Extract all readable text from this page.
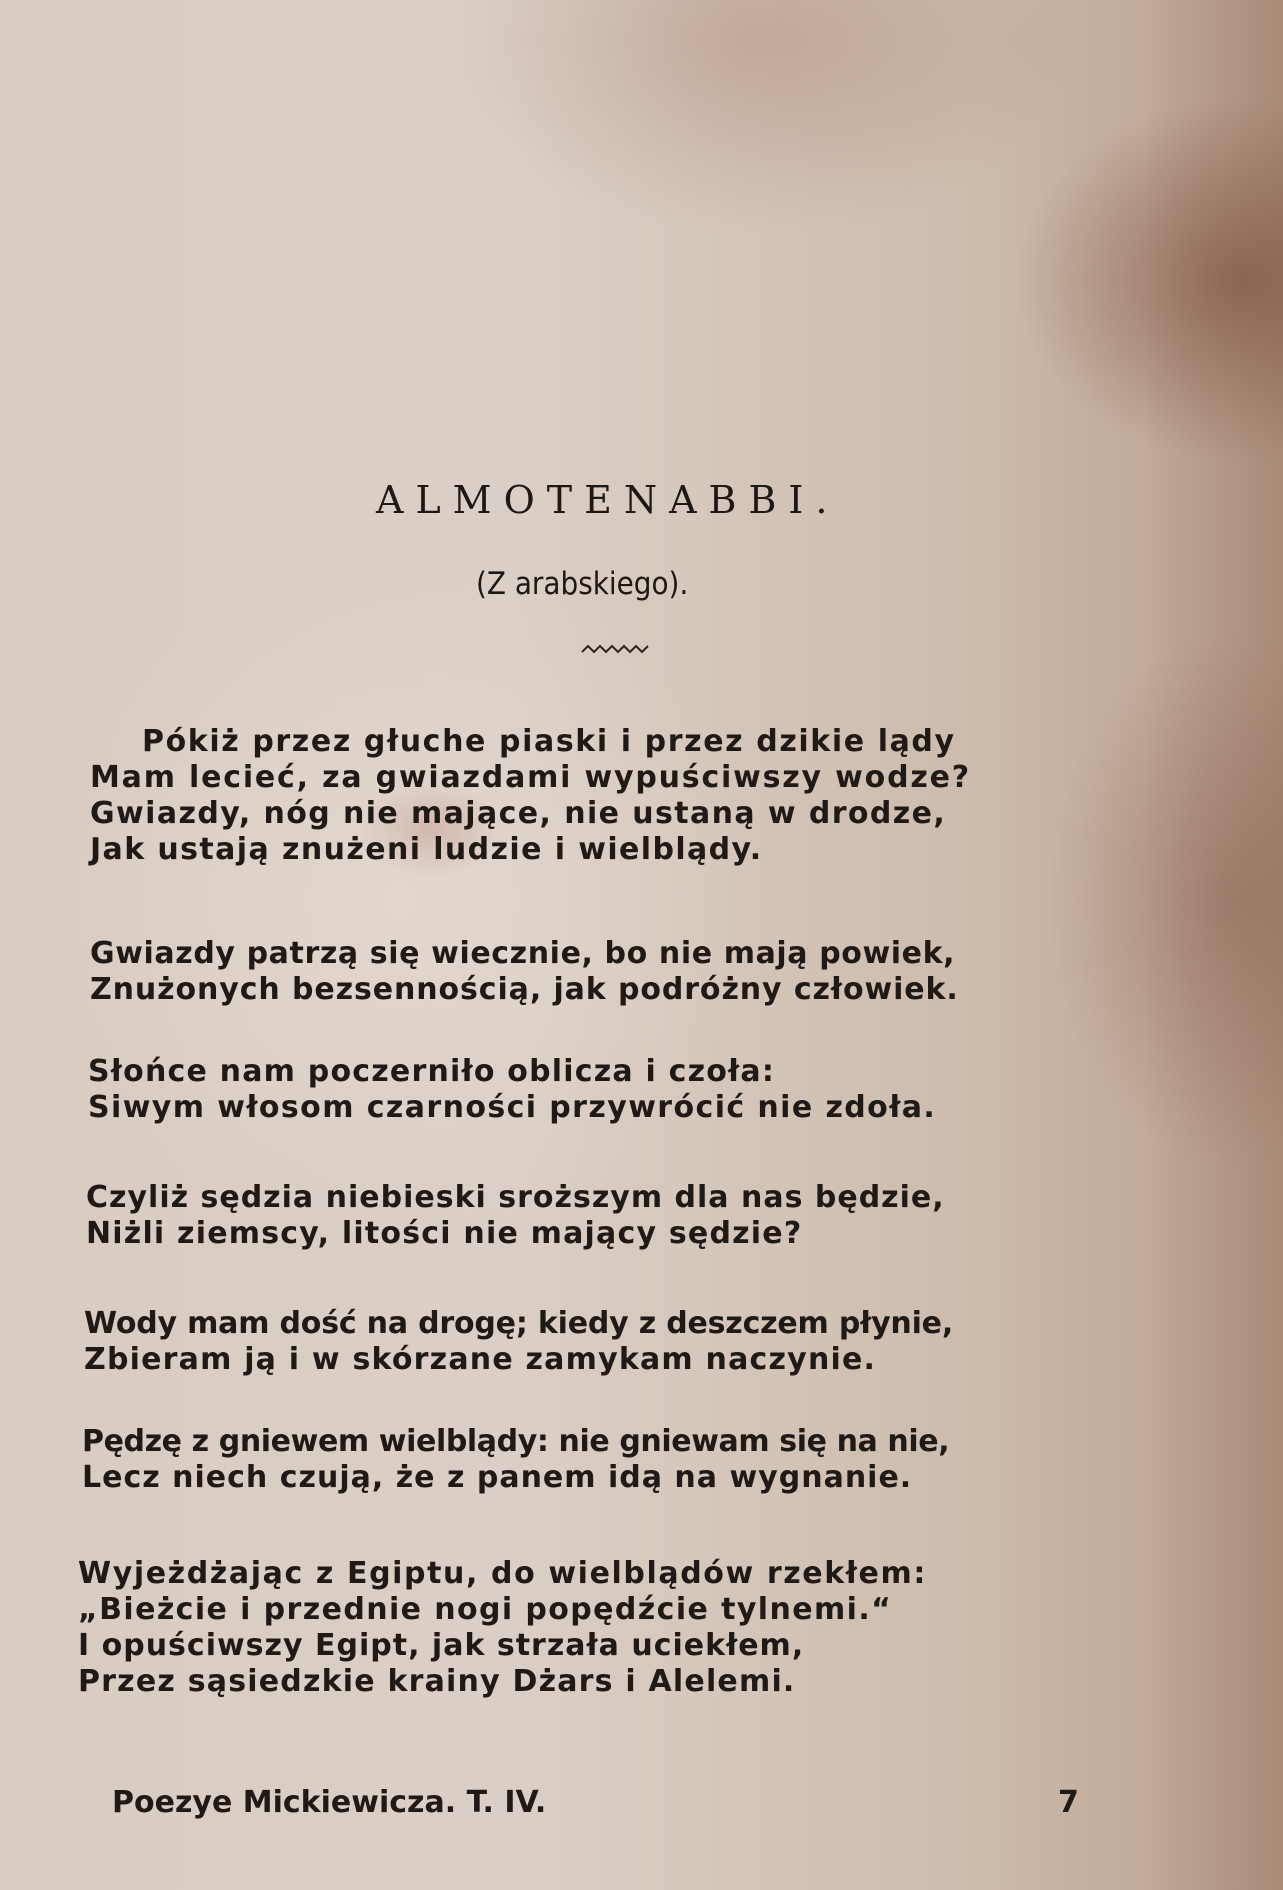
ALMOTENABBI.
(Z arabskiego).
Pókiż przez głuche piaski i przez dzikie lądy
Mam lecieć, za gwiazdami wypuściwszy wodze?
Gwiazdy, nóg nie mające, nie ustaną w drodze,
Jak ustają znużeni ludzie i wielblądy.
Gwiazdy patrzą się wiecznie, bo nie mają powiek,
Znużonych bezsennością, jak podróżny człowiek.
Słońce nam poczerniło oblicza i czoła:
Siwym włosom czarności przywrócić nie zdoła.
Czyliż sędzia niebieski sroższym dla nas będzie,
Niżli ziemscy, litości nie mający sędzie?
Wody mam dość na drogę; kiedy z deszczem płynie,
Zbieram ją i w skórzane zamykam naczynie.
Pędzę z gniewem wielblądy: nie gniewam się na nie,
Lecz niech czują, że z panem idą na wygnanie.
Wyjeżdżając z Egiptu, do wielblądów rzekłem:
„Bieżcie i przednie nogi popędźcie tylnemi.“
I opuściwszy Egipt, jak strzała uciekłem,
Przez sąsiedzkie krainy Dżars i Alelemi.
Poezye Mickiewicza. T. IV.	7
